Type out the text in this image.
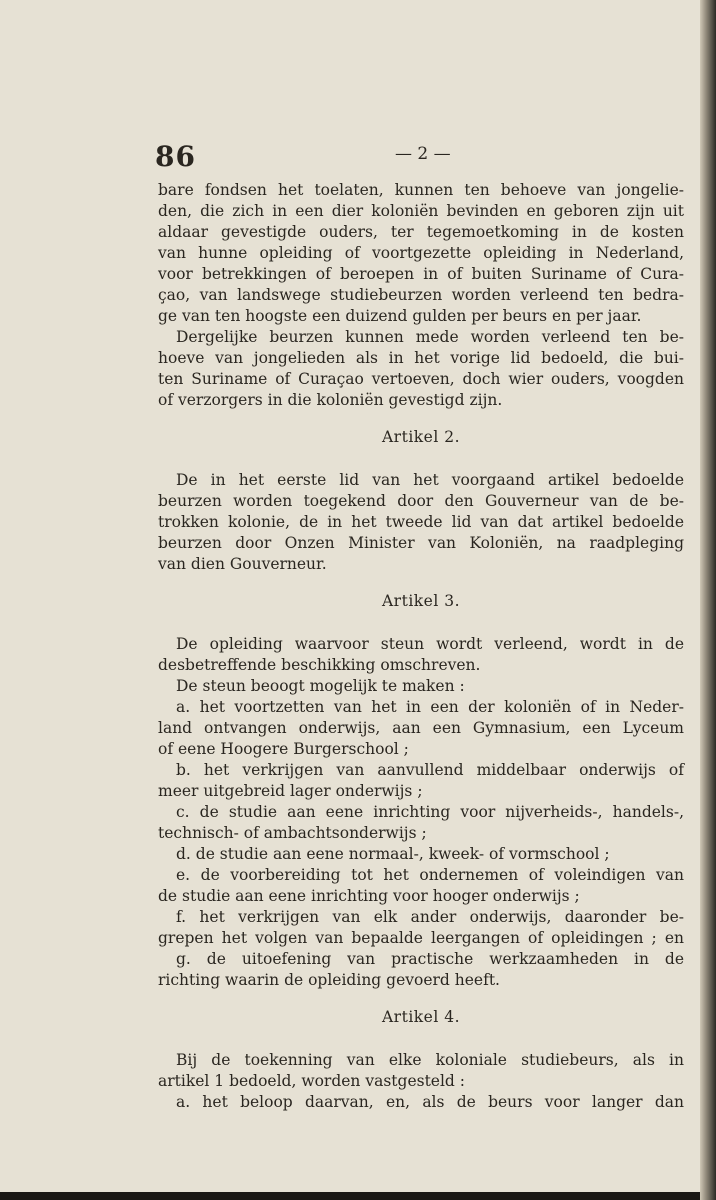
86	— 2 —
bare fondsen het toelaten, kunnen ten behoeve van jongelie-
den, die zich in een dier koloniën bevinden en geboren zijn uit
aldaar gevestigde ouders, ter tegemoetkoming in de kosten
van hunne opleiding of voortgezette opleiding in Nederland,
voor betrekkingen of beroepen in of buiten Suriname of Cura-
çao, van landswege studiebeurzen worden verleend ten bedra-
ge van ten hoogste een duizend gulden per beurs en per jaar.
Dergelijke beurzen kunnen mede worden verleend ten be-
hoeve van jongelieden als in het vorige lid bedoeld, die bui-
ten Suriname of Curaçao vertoeven, doch wier ouders, voogden
of verzorgers in die koloniën gevestigd zijn.
Artikel 2.
De in het eerste lid van het voorgaand artikel bedoelde
beurzen worden toegekend door den Gouverneur van de be-
trokken kolonie, de in het tweede lid van dat artikel bedoelde
beurzen door Onzen Minister van Koloniën, na raadpleging
van dien Gouverneur.
Artikel 3.
De opleiding waarvoor steun wordt verleend, wordt in de
desbetreffende beschikking omschreven.
De steun beoogt mogelijk te maken :
a. het voortzetten van het in een der koloniën of in Neder-
land ontvangen onderwijs, aan een Gymnasium, een Lyceum
of eene Hoogere Burgerschool ;
b. het verkrijgen van aanvullend middelbaar onderwijs of
meer uitgebreid lager onderwijs ;
c. de studie aan eene inrichting voor nijverheids-, handels-,
technisch- of ambachtsonderwijs ;
d. de studie aan eene normaal-, kweek- of vormschool ;
e. de voorbereiding tot het ondernemen of voleindigen van
de studie aan eene inrichting voor hooger onderwijs ;
f. het verkrijgen van elk ander onderwijs, daaronder be-
grepen het volgen van bepaalde leergangen of opleidingen ; en
g. de uitoefening van practische werkzaamheden in de
richting waarin de opleiding gevoerd heeft.
Artikel 4.
Bij de toekenning van elke koloniale studiebeurs, als in
artikel 1 bedoeld, worden vastgesteld :
a. het beloop daarvan, en, als de beurs voor langer dan
